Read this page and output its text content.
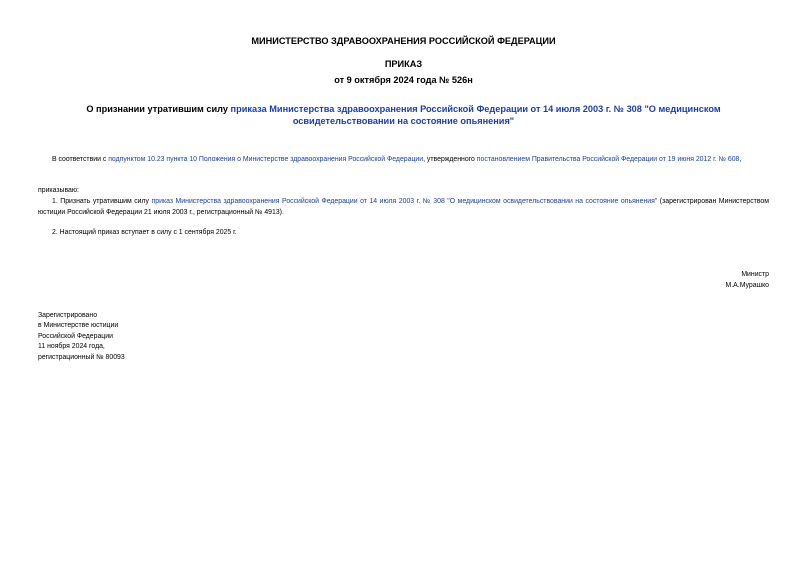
МИНИСТЕРСТВО ЗДРАВООХРАНЕНИЯ РОССИЙСКОЙ ФЕДЕРАЦИИ
ПРИКАЗ
от 9 октября 2024 года № 526н
О признании утратившим силу приказа Министерства здравоохранения Российской Федерации от 14 июля 2003 г. № 308 "О медицинском освидетельствовании на состояние опьянения"
В соответствии с подпунктом 10.23 пункта 10 Положения о Министерстве здравоохранения Российской Федерации, утвержденного постановлением Правительства Российской Федерации от 19 июня 2012 г. № 608,
приказываю:
1. Признать утратившим силу приказ Министерства здравоохранения Российской Федерации от 14 июля 2003 г. № 308 "О медицинском освидетельствовании на состояние опьянения" (зарегистрирован Министерством юстиции Российской Федерации 21 июля 2003 г., регистрационный № 4913).
2. Настоящий приказ вступает в силу с 1 сентября 2025 г.
Министр
М.А.Мурашко
Зарегистрировано
в Министерстве юстиции
Российской Федерации
11 ноября 2024 года,
регистрационный № 80093
